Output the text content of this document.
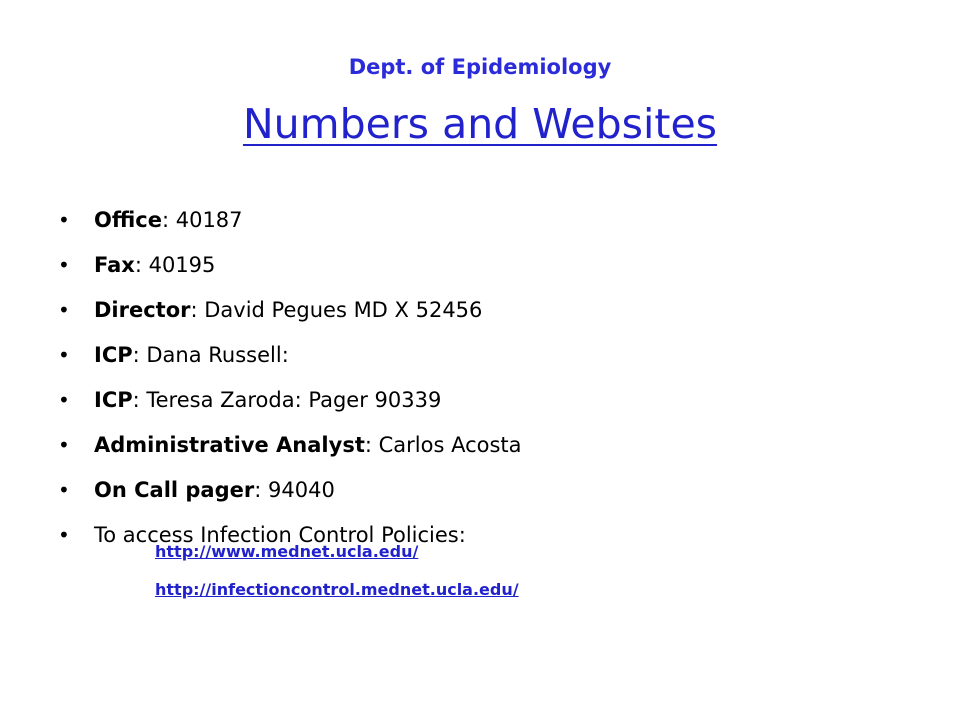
Dept. of Epidemiology
Numbers and Websites
• Office: 40187
• Fax: 40195
• Director: David Pegues MD X 52456
• ICP: Dana Russell:
• ICP: Teresa Zaroda: Pager 90339
• Administrative Analyst: Carlos Acosta
• On Call pager: 94040
• To access Infection Control Policies:
http://www.mednet.ucla.edu/
http://infectioncontrol.mednet.ucla.edu/
